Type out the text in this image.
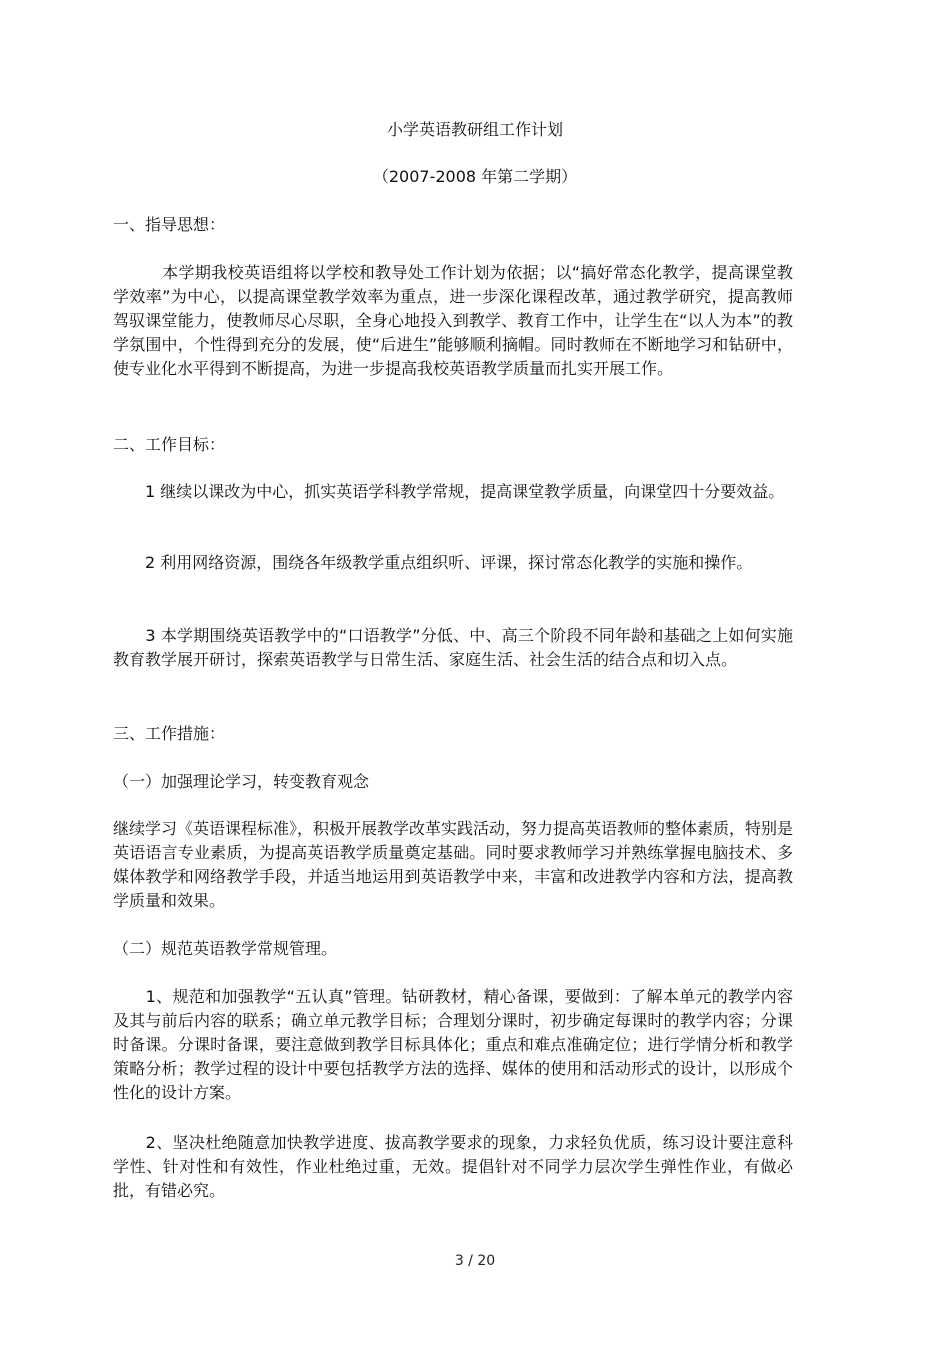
小学英语教研组工作计划
（2007-2008 年第二学期）
一、指导思想：
　　　本学期我校英语组将以学校和教导处工作计划为依据；以“搞好常态化教学，提高课堂教学效率”为中心，以提高课堂教学效率为重点，进一步深化课程改革，通过教学研究，提高教师驾驭课堂能力，使教师尽心尽职，全身心地投入到教学、教育工作中，让学生在“以人为本”的教学氛围中，个性得到充分的发展，使“后进生”能够顺利摘帽。同时教师在不断地学习和钻研中，使专业化水平得到不断提高，为进一步提高我校英语教学质量而扎实开展工作。
二、工作目标：
　　1 继续以课改为中心，抓实英语学科教学常规，提高课堂教学质量，向课堂四十分要效益。
　　2 利用网络资源，围绕各年级教学重点组织听、评课，探讨常态化教学的实施和操作。
　　3 本学期围绕英语教学中的“口语教学”分低、中、高三个阶段不同年龄和基础之上如何实施教育教学展开研讨，探索英语教学与日常生活、家庭生活、社会生活的结合点和切入点。
三、工作措施：
（一）加强理论学习，转变教育观念
继续学习《英语课程标准》，积极开展教学改革实践活动，努力提高英语教师的整体素质，特别是英语语言专业素质，为提高英语教学质量奠定基础。同时要求教师学习并熟练掌握电脑技术、多媒体教学和网络教学手段，并适当地运用到英语教学中来，丰富和改进教学内容和方法，提高教学质量和效果。
（二）规范英语教学常规管理。
　　1、规范和加强教学“五认真”管理。钻研教材，精心备课，要做到：了解本单元的教学内容及其与前后内容的联系；确立单元教学目标；合理划分课时，初步确定每课时的教学内容；分课时备课。分课时备课，要注意做到教学目标具体化；重点和难点准确定位；进行学情分析和教学策略分析；教学过程的设计中要包括教学方法的选择、媒体的使用和活动形式的设计，以形成个性化的设计方案。
　　2、坚决杜绝随意加快教学进度、拔高教学要求的现象，力求轻负优质，练习设计要注意科学性、针对性和有效性，作业杜绝过重，无效。提倡针对不同学力层次学生弹性作业，有做必批，有错必究。
3 / 20
